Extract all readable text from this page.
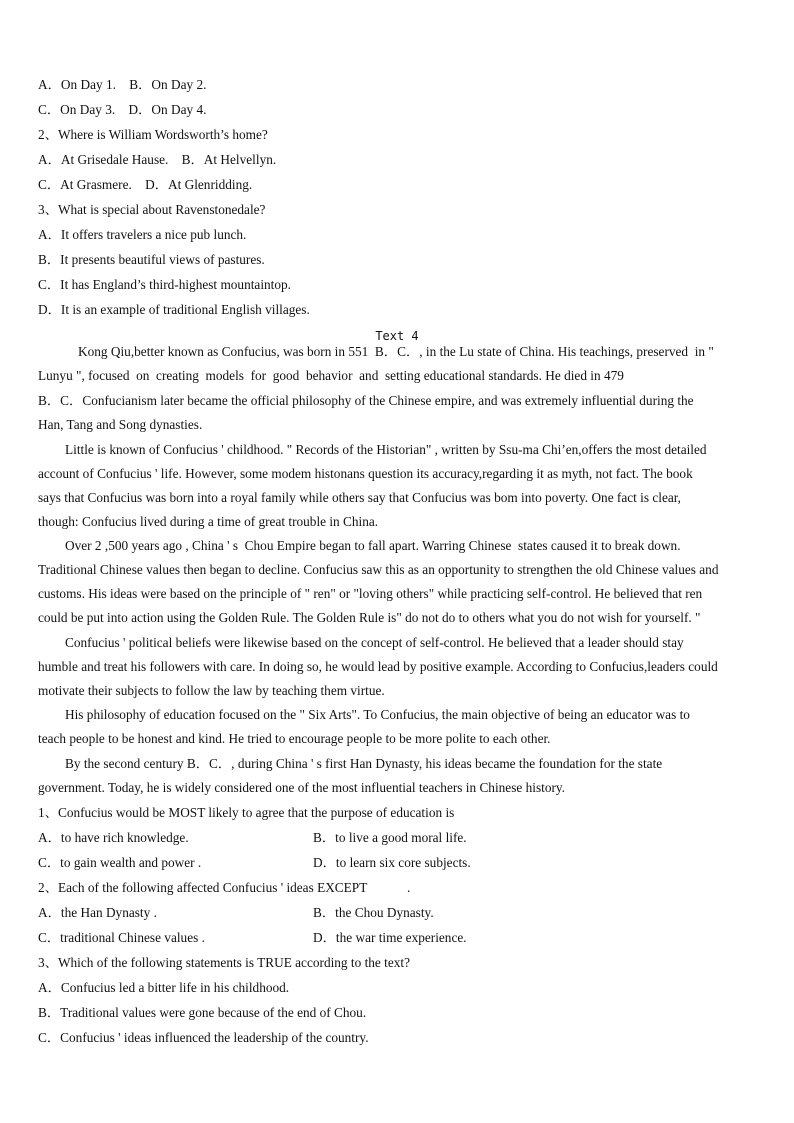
A．On Day 1.    B．On Day 2.
C．On Day 3.    D．On Day 4.
2、Where is William Wordsworth’s home?
A．At Grisedale Hause.    B．At Helvellyn.
C．At Grasmere.    D．At Glenridding.
3、What is special about Ravenstonedale?
A．It offers travelers a nice pub lunch.
B．It presents beautiful views of pastures.
C．It has England’s third-highest mountaintop.
D．It is an example of traditional English villages.
Text 4
Kong Qiu,better known as Confucius, was born in 551  B．C．, in the Lu state of China. His teachings, preserved  in "
Lunyu ", focused  on  creating  models  for  good  behavior  and  setting educational standards. He died in 479
B．C．Confucianism later became the official philosophy of the Chinese empire, and was extremely influential during the
Han, Tang and Song dynasties.
Little is known of Confucius ' childhood. " Records of the Historian" , written by Ssu-ma Chi’en,offers the most detailed
account of Confucius ' life. However, some modem histonans question its accuracy,regarding it as myth, not fact. The book
says that Confucius was born into a royal family while others say that Confucius was bom into poverty. One fact is clear,
though: Confucius lived during a time of great trouble in China.
Over 2 ,500 years ago , China ' s  Chou Empire began to fall apart. Warring Chinese  states caused it to break down.
Traditional Chinese values then began to decline. Confucius saw this as an opportunity to strengthen the old Chinese values and
customs. His ideas were based on the principle of " ren" or "loving others" while practicing self-control. He believed that ren
could be put into action using the Golden Rule. The Golden Rule is" do not do to others what you do not wish for yourself. "
Confucius ' political beliefs were likewise based on the concept of self-control. He believed that a leader should stay
humble and treat his followers with care. In doing so, he would lead by positive example. According to Confucius,leaders could
motivate their subjects to follow the law by teaching them virtue.
His philosophy of education focused on the " Six Arts". To Confucius, the main objective of being an educator was to
teach people to be honest and kind. He tried to encourage people to be more polite to each other.
By the second century B．C．, during China ' s first Han Dynasty, his ideas became the foundation for the state
government. Today, he is widely considered one of the most influential teachers in Chinese history.
1、Confucius would be MOST likely to agree that the purpose of education is
A．to have rich knowledge.	B．to live a good moral life.
C．to gain wealth and power .	D．to learn six core subjects.
2、Each of the following affected Confucius ' ideas EXCEPT            .
A．the Han Dynasty .	B．the Chou Dynasty.
C．traditional Chinese values .	D．the war time experience.
3、Which of the following statements is TRUE according to the text?
A．Confucius led a bitter life in his childhood.
B．Traditional values were gone because of the end of Chou.
C．Confucius ' ideas influenced the leadership of the country.
